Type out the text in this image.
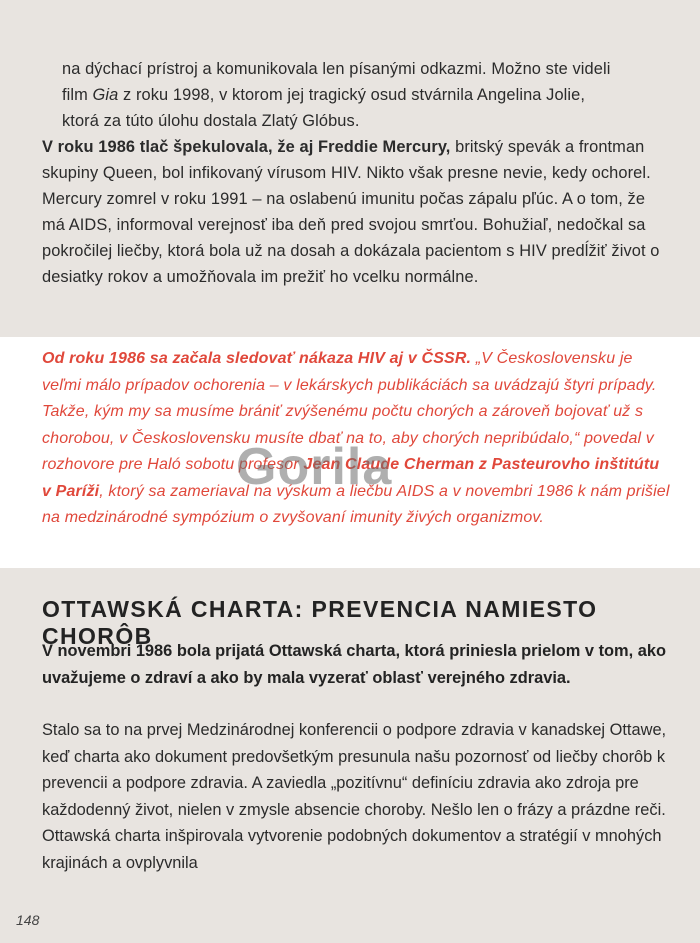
na dýchací prístroj a komunikovala len písanými odkazmi. Možno ste videli

film Gia z roku 1998, v ktorom jej tragický osud stvárnila Angelina Jolie,

ktorá za túto úlohu dostala Zlatý Glóbus.

V roku 1986 tlač špekulovala, že aj Freddie Mercury, britský spevák a frontman skupiny Queen, bol infikovaný vírusom HIV. Nikto však presne nevie, kedy ochorel. Mercury zomrel v roku 1991 – na oslabenú imunitu počas zápalu pľúc. A o tom, že má AIDS, informoval verejnosť iba deň pred svojou smrťou. Bohužiaľ, nedočkal sa pokročilej liečby, ktorá bola už na dosah a dokázala pacientom s HIV predĺžiť život o desiatky rokov a umožňovala im prežiť ho vcelku normálne.

Od roku 1986 sa začala sledovať nákaza HIV aj v ČSSR. „V Československu je veľmi málo prípadov ochorenia – v lekárskych publikáciách sa uvádzajú štyri prípady. Takže, kým my sa musíme brániť zvýšenému počtu chorých a zároveň bojovať už s chorobou, v Československu musíte dbať na to, aby chorých nepribúdalo,“ povedal v rozhovore pre Haló sobotu profesor Jean Claude Cherman z Pasteurovho inštitútu v Paríži, ktorý sa zameriaval na výskum a liečbu AIDS a v novembri 1986 k nám prišiel na medzinárodné sympózium o zvyšovaní imunity živých organizmov.

Gorila
OTTAWSKÁ CHARTA: PREVENCIA NAMIESTO CHORÔB

V novembri 1986 bola prijatá Ottawská charta, ktorá priniesla prielom v tom, ako uvažujeme o zdraví a ako by mala vyzerať oblasť verejného zdravia.

Stalo sa to na prvej Medzinárodnej konferencii o podpore zdravia v kanadskej Ottawe, keď charta ako dokument predovšetkým presunula našu pozornosť od liečby chorôb k prevencii a podpore zdravia. A zaviedla „pozitívnu“ definíciu zdravia ako zdroja pre každodenný život, nielen v zmysle absencie choroby. Nešlo len o frázy a prázdne reči. Ottawská charta inšpirovala vytvorenie podobných dokumentov a stratégií v mnohých krajinách a ovplyvnila

148
